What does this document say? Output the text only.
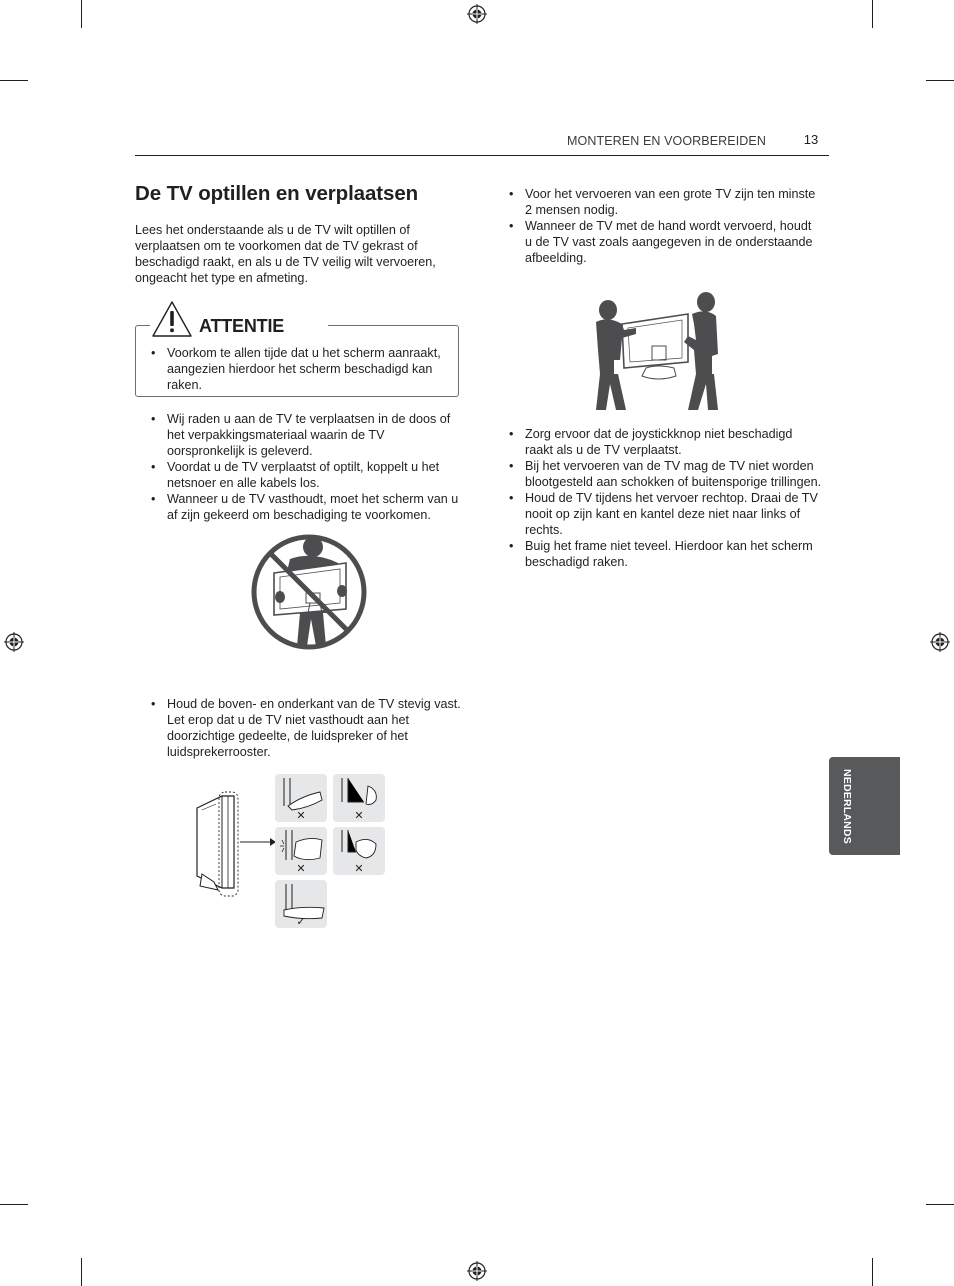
MONTEREN EN VOORBEREIDEN	13
De TV optillen en verplaatsen
Lees het onderstaande als u de TV wilt optillen of verplaatsen om te voorkomen dat de TV gekrast of beschadigd raakt, en als u de TV veilig wilt vervoeren, ongeacht het type en afmeting.
ATTENTIE
• Voorkom te allen tijde dat u het scherm aanraakt, aangezien hierdoor het scherm beschadigd kan raken.
• Wij raden u aan de TV te verplaatsen in de doos of het verpakkingsmateriaal waarin de TV oorspronkelijk is geleverd.
• Voordat u de TV verplaatst of optilt, koppelt u het netsnoer en alle kabels los.
• Wanneer u de TV vasthoudt, moet het scherm van u af zijn gekeerd om beschadiging te voorkomen.
• Houd de boven- en onderkant van de TV stevig vast. Let erop dat u de TV niet vasthoudt aan het doorzichtige gedeelte, de luidspreker of het luidsprekerrooster.
✕	✕
✕	✕
✓
• Voor het vervoeren van een grote TV zijn ten minste 2 mensen nodig.
• Wanneer de TV met de hand wordt vervoerd, houdt u de TV vast zoals aangegeven in de onderstaande afbeelding.
• Zorg ervoor dat de joystickknop niet beschadigd raakt als u de TV verplaatst.
• Bij het vervoeren van de TV mag de TV niet worden blootgesteld aan schokken of buitensporige trillingen.
• Houd de TV tijdens het vervoer rechtop. Draai de TV nooit op zijn kant en kantel deze niet naar links of rechts.
• Buig het frame niet teveel. Hierdoor kan het scherm beschadigd raken.
NEDERLANDS
